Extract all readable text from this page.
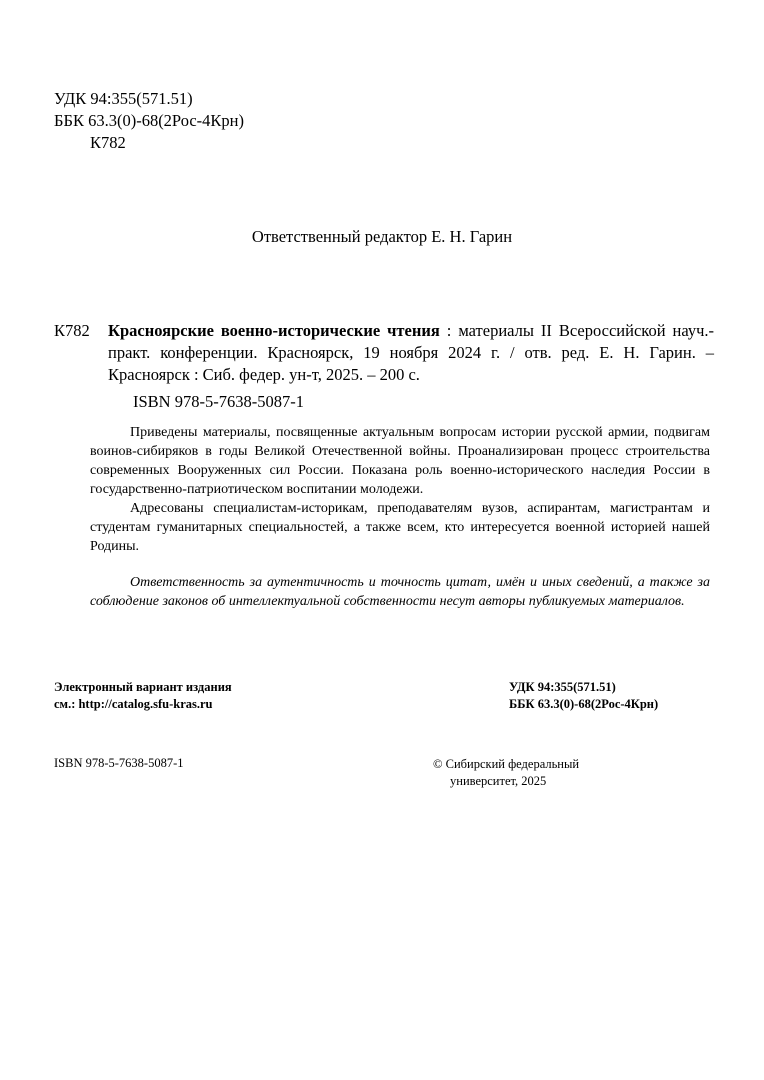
УДК 94:355(571.51)
ББК 63.3(0)-68(2Рос-4Крн)
К782
Ответственный редактор Е. Н. Гарин
К782 Красноярские военно-исторические чтения : материалы II Всероссийской науч.-практ. конференции. Красноярск, 19 ноября 2024 г. / отв. ред. Е. Н. Гарин. – Красноярск : Сиб. федер. ун-т, 2025. – 200 с.
ISBN 978-5-7638-5087-1

Приведены материалы, посвященные актуальным вопросам истории русской армии, подвигам воинов-сибиряков в годы Великой Отечественной войны. Проанализирован процесс строительства современных Вооруженных сил России. Показана роль военно-исторического наследия России в государственно-патриотическом воспитании молодежи.

Адресованы специалистам-историкам, преподавателям вузов, аспирантам, магистрантам и студентам гуманитарных специальностей, а также всем, кто интересуется военной историей нашей Родины.

Ответственность за аутентичность и точность цитат, имён и иных сведений, а также за соблюдение законов об интеллектуальной собственности несут авторы публикуемых материалов.

Электронный вариант издания
см.: http://catalog.sfu-kras.ru
УДК 94:355(571.51)
ББК 63.3(0)-68(2Рос-4Крн)
ISBN 978-5-7638-5087-1	© Сибирский федеральный
университет, 2025
